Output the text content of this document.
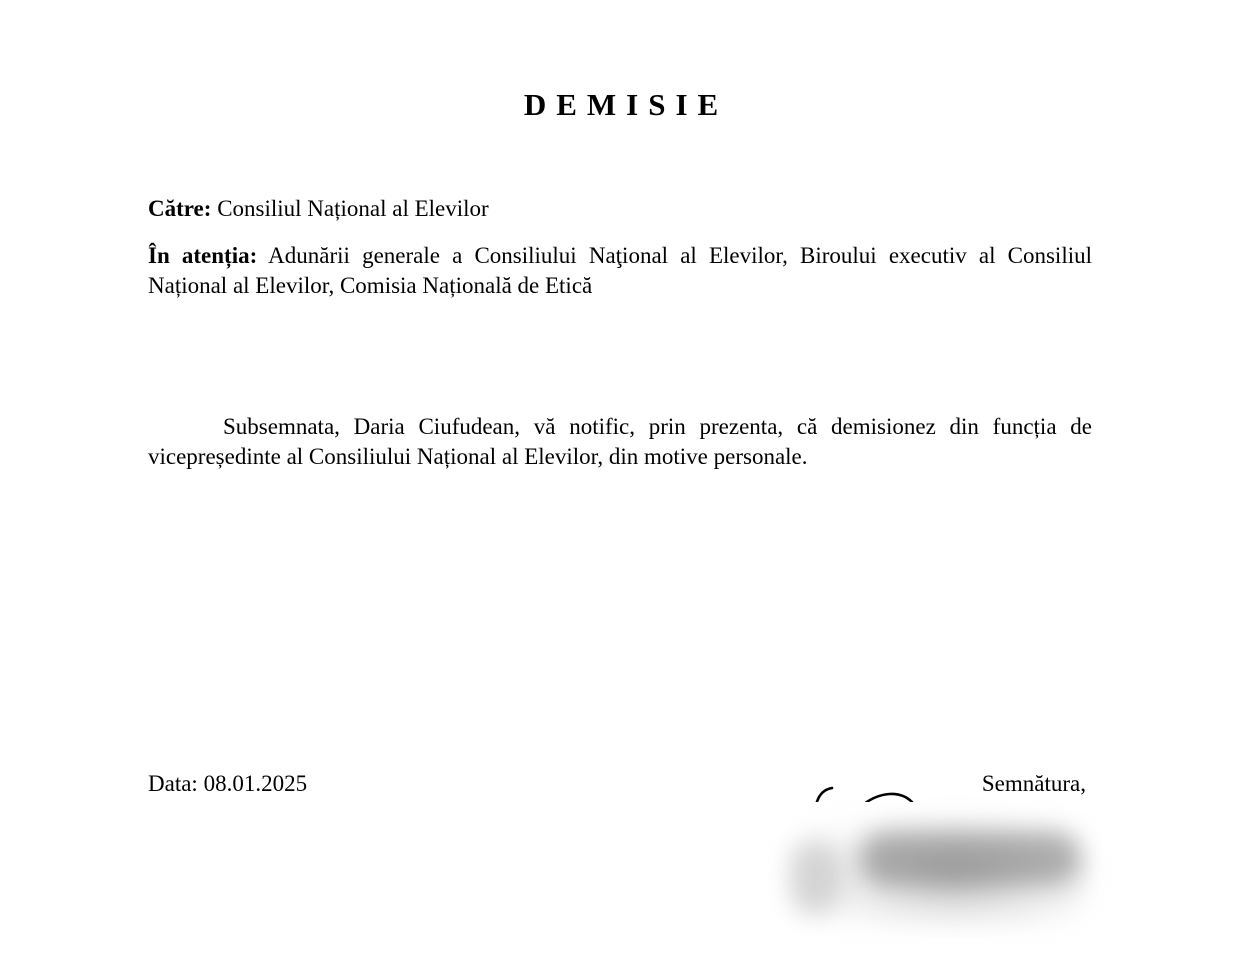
DEMISIE
Către: Consiliul Național al Elevilor
În atenția: Adunării generale a Consiliului Naţional al Elevilor, Biroului executiv al Consiliul Național al Elevilor, Comisia Națională de Etică
Subsemnata, Daria Ciufudean, vă notific, prin prezenta, că demisionez din funcția de vicepreședinte al Consiliului Național al Elevilor, din motive personale.
Data: 08.01.2025	Semnătura,
